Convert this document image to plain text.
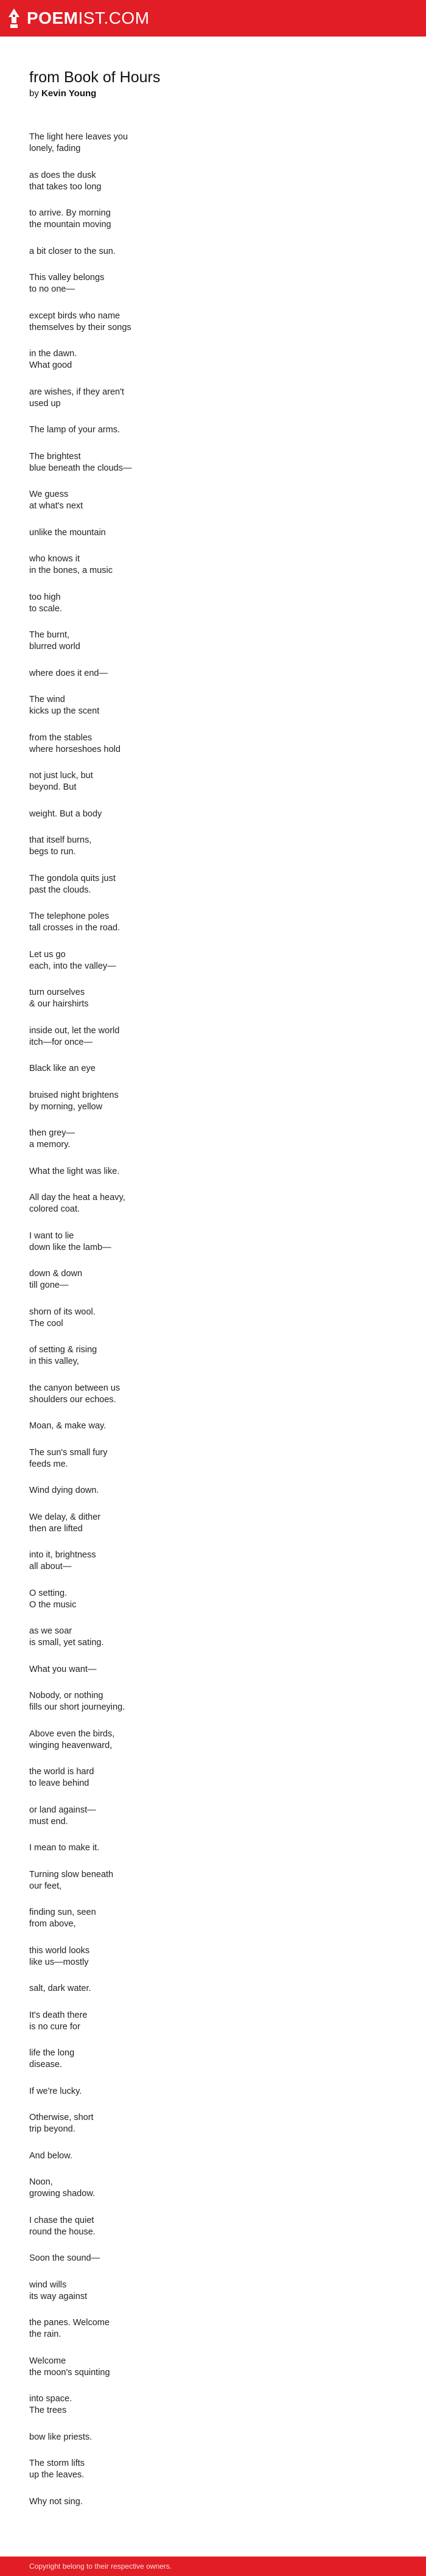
POEMIST.COM
from Book of Hours
by Kevin Young

The light here leaves you
lonely, fading

as does the dusk
that takes too long

to arrive. By morning
the mountain moving

a bit closer to the sun.

This valley belongs
to no one—

except birds who name
themselves by their songs

in the dawn.
What good

are wishes, if they aren't
used up

The lamp of your arms.

The brightest
blue beneath the clouds—

We guess
at what's next

unlike the mountain

who knows it
in the bones, a music

too high
to scale.

The burnt,
blurred world

where does it end—

The wind
kicks up the scent

from the stables
where horseshoes hold

not just luck, but
beyond. But

weight. But a body

that itself burns,
begs to run.

The gondola quits just
past the clouds.

The telephone poles
tall crosses in the road.

Let us go
each, into the valley—

turn ourselves
& our hairshirts

inside out, let the world
itch—for once—

Black like an eye

bruised night brightens
by morning, yellow

then grey—
a memory.

What the light was like.

All day the heat a heavy,
colored coat.

I want to lie
down like the lamb—

down & down
till gone—

shorn of its wool.
The cool

of setting & rising
in this valley,

the canyon between us
shoulders our echoes.

Moan, & make way.

The sun's small fury
feeds me.

Wind dying down.

We delay, & dither
then are lifted

into it, brightness
all about—

O setting.
O the music

as we soar
is small, yet sating.

What you want—

Nobody, or nothing
fills our short journeying.

Above even the birds,
winging heavenward,

the world is hard
to leave behind

or land against—
must end.

I mean to make it.

Turning slow beneath
our feet,

finding sun, seen
from above,

this world looks
like us—mostly

salt, dark water.

It's death there
is no cure for

life the long
disease.

If we're lucky.

Otherwise, short
trip beyond.

And below.

Noon,
growing shadow.

I chase the quiet
round the house.

Soon the sound—

wind wills
its way against

the panes. Welcome
the rain.

Welcome
the moon's squinting

into space.
The trees

bow like priests.

The storm lifts
up the leaves.

Why not sing.

Copyright belong to their respective owners.
